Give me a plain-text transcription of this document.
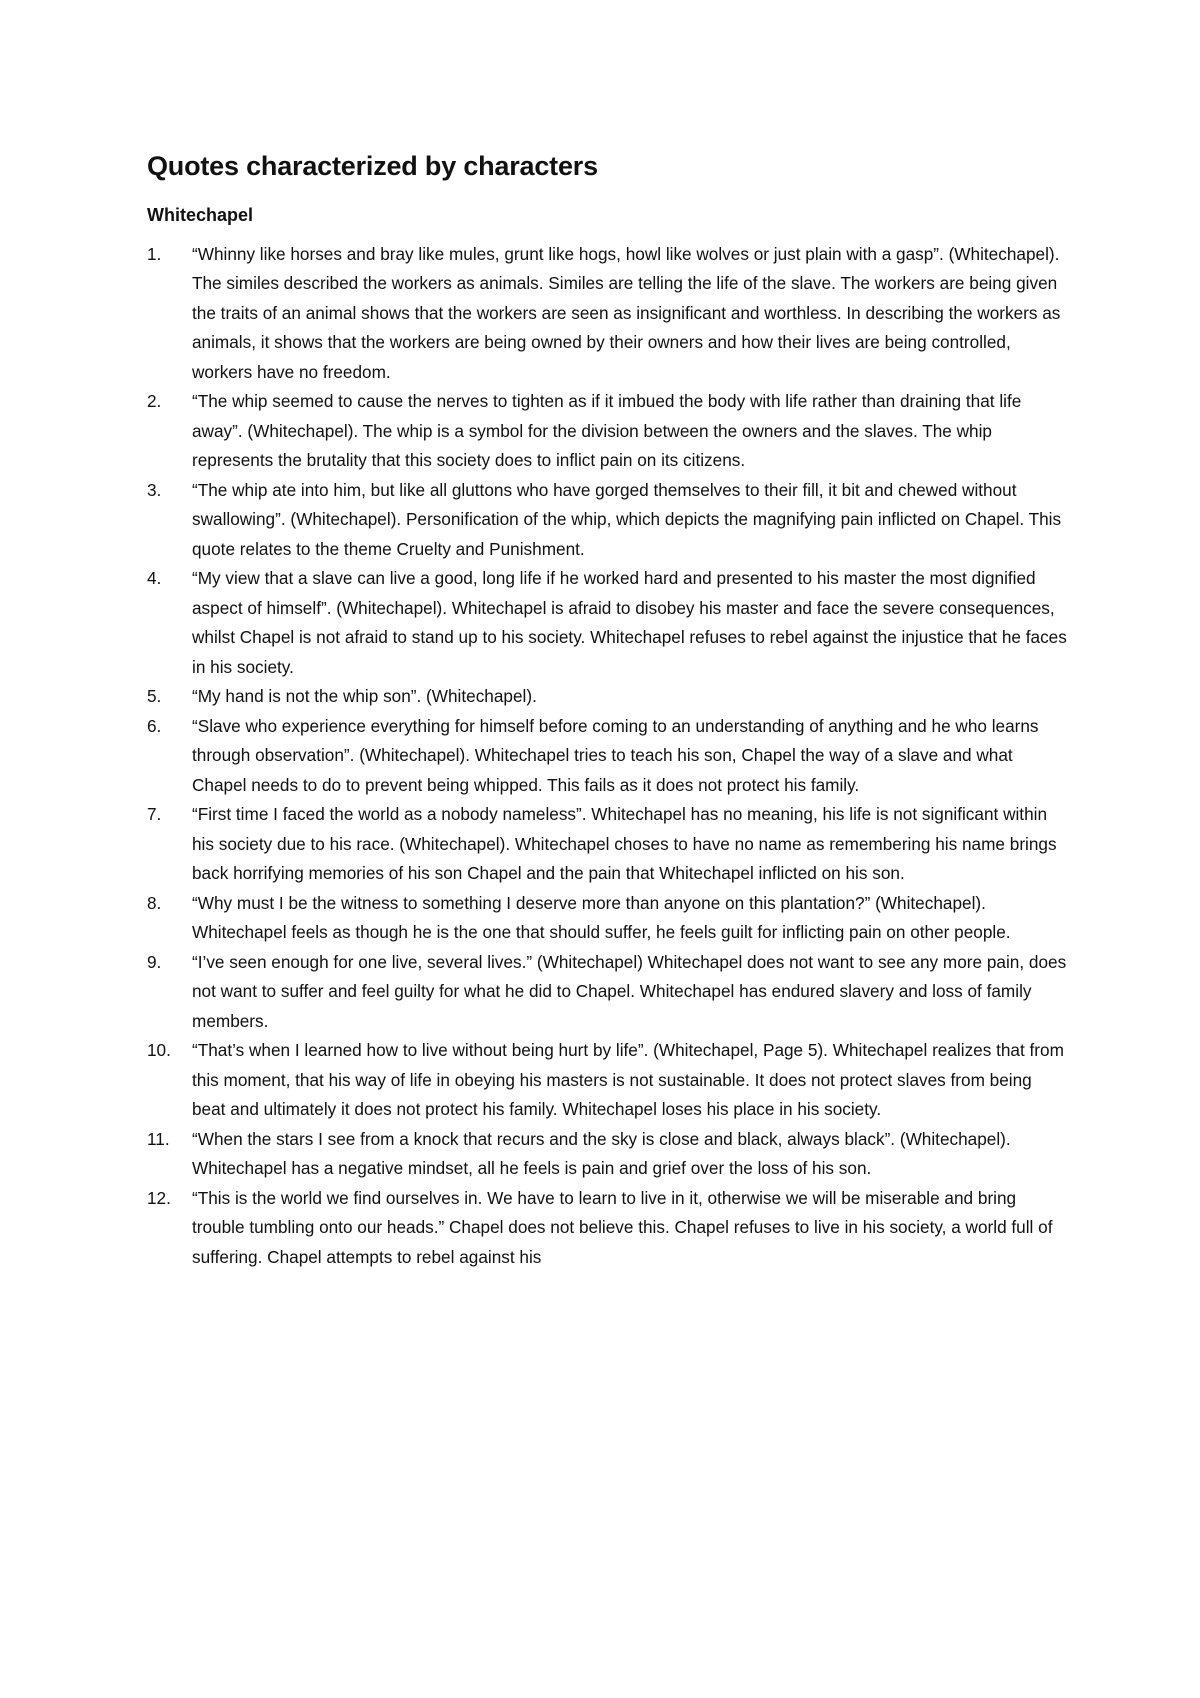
Quotes characterized by characters
Whitechapel
1.	“Whinny like horses and bray like mules, grunt like hogs, howl like wolves or just plain with a gasp”. (Whitechapel). The similes described the workers as animals. Similes are telling the life of the slave. The workers are being given the traits of an animal shows that the workers are seen as insignificant and worthless. In describing the workers as animals, it shows that the workers are being owned by their owners and how their lives are being controlled, workers have no freedom.
2.	“The whip seemed to cause the nerves to tighten as if it imbued the body with life rather than draining that life away”. (Whitechapel). The whip is a symbol for the division between the owners and the slaves. The whip represents the brutality that this society does to inflict pain on its citizens.
3.	“The whip ate into him, but like all gluttons who have gorged themselves to their fill, it bit and chewed without swallowing”. (Whitechapel). Personification of the whip, which depicts the magnifying pain inflicted on Chapel. This quote relates to the theme Cruelty and Punishment.
4.	“My view that a slave can live a good, long life if he worked hard and presented to his master the most dignified aspect of himself”. (Whitechapel). Whitechapel is afraid to disobey his master and face the severe consequences, whilst Chapel is not afraid to stand up to his society. Whitechapel refuses to rebel against the injustice that he faces in his society.
5.	“My hand is not the whip son”. (Whitechapel).
6.	“Slave who experience everything for himself before coming to an understanding of anything and he who learns through observation”. (Whitechapel). Whitechapel tries to teach his son, Chapel the way of a slave and what Chapel needs to do to prevent being whipped. This fails as it does not protect his family.
7.	“First time I faced the world as a nobody nameless”. Whitechapel has no meaning, his life is not significant within his society due to his race. (Whitechapel). Whitechapel choses to have no name as remembering his name brings back horrifying memories of his son Chapel and the pain that Whitechapel inflicted on his son.
8.	“Why must I be the witness to something I deserve more than anyone on this plantation?” (Whitechapel). Whitechapel feels as though he is the one that should suffer, he feels guilt for inflicting pain on other people.
9.	“I’ve seen enough for one live, several lives.” (Whitechapel) Whitechapel does not want to see any more pain, does not want to suffer and feel guilty for what he did to Chapel. Whitechapel has endured slavery and loss of family members.
10.	“That’s when I learned how to live without being hurt by life”. (Whitechapel, Page 5). Whitechapel realizes that from this moment, that his way of life in obeying his masters is not sustainable. It does not protect slaves from being beat and ultimately it does not protect his family. Whitechapel loses his place in his society.
11.	“When the stars I see from a knock that recurs and the sky is close and black, always black”. (Whitechapel). Whitechapel has a negative mindset, all he feels is pain and grief over the loss of his son.
12.	“This is the world we find ourselves in. We have to learn to live in it, otherwise we will be miserable and bring trouble tumbling onto our heads.” Chapel does not believe this. Chapel refuses to live in his society, a world full of suffering. Chapel attempts to rebel against his
